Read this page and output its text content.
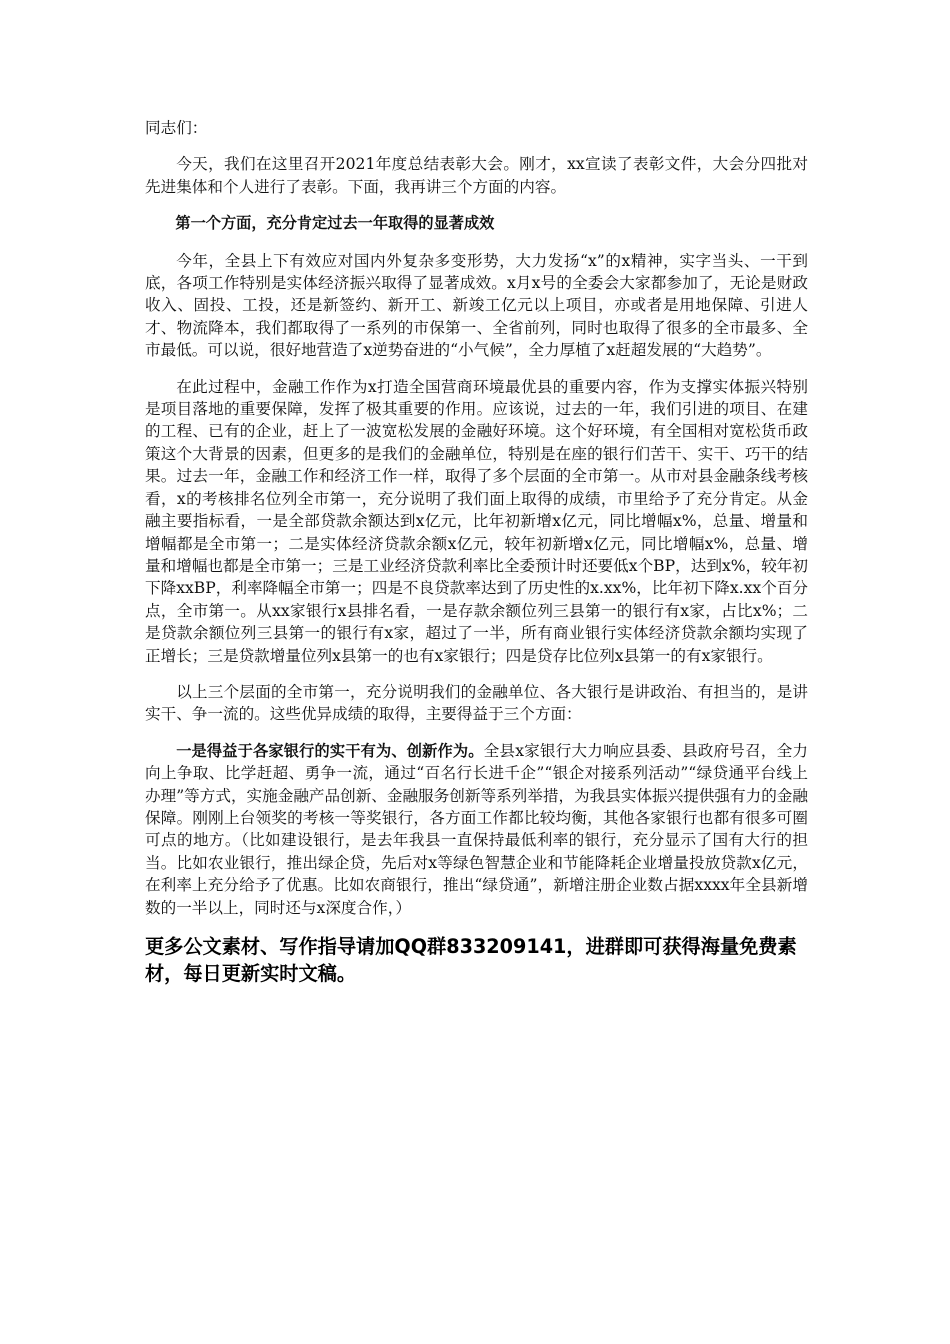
同志们：

今天，我们在这里召开2021年度总结表彰大会。刚才，xx宣读了表彰文件，大会分四批对先进集体和个人进行了表彰。下面，我再讲三个方面的内容。

第一个方面，充分肯定过去一年取得的显著成效

今年，全县上下有效应对国内外复杂多变形势，大力发扬“x”的x精神，实字当头、一干到底，各项工作特别是实体经济振兴取得了显著成效。x月x号的全委会大家都参加了，无论是财政收入、固投、工投，还是新签约、新开工、新竣工亿元以上项目，亦或者是用地保障、引进人才、物流降本，我们都取得了一系列的市保第一、全省前列，同时也取得了很多的全市最多、全市最低。可以说，很好地营造了x逆势奋进的“小气候”，全力厚植了x赶超发展的“大趋势”。

在此过程中，金融工作作为x打造全国营商环境最优县的重要内容，作为支撑实体振兴特别是项目落地的重要保障，发挥了极其重要的作用。应该说，过去的一年，我们引进的项目、在建的工程、已有的企业，赶上了一波宽松发展的金融好环境。这个好环境，有全国相对宽松货币政策这个大背景的因素，但更多的是我们的金融单位，特别是在座的银行们苦干、实干、巧干的结果。过去一年，金融工作和经济工作一样，取得了多个层面的全市第一。从市对县金融条线考核看，x的考核排名位列全市第一，充分说明了我们面上取得的成绩，市里给予了充分肯定。从金融主要指标看，一是全部贷款余额达到x亿元，比年初新增x亿元，同比增幅x%，总量、增量和增幅都是全市第一；二是实体经济贷款余额x亿元，较年初新增x亿元，同比增幅x%，总量、增量和增幅也都是全市第一；三是工业经济贷款利率比全委预计时还要低x个BP，达到x%，较年初下降xxBP，利率降幅全市第一；四是不良贷款率达到了历史性的x.xx%，比年初下降x.xx个百分点，全市第一。从xx家银行x县排名看，一是存款余额位列三县第一的银行有x家，占比x%；二是贷款余额位列三县第一的银行有x家，超过了一半，所有商业银行实体经济贷款余额均实现了正增长；三是贷款增量位列x县第一的也有x家银行；四是贷存比位列x县第一的有x家银行。

以上三个层面的全市第一，充分说明我们的金融单位、各大银行是讲政治、有担当的，是讲实干、争一流的。这些优异成绩的取得，主要得益于三个方面：

一是得益于各家银行的实干有为、创新作为。全县x家银行大力响应县委、县政府号召，全力向上争取、比学赶超、勇争一流，通过“百名行长进千企”“银企对接系列活动”“绿贷通平台线上办理”等方式，实施金融产品创新、金融服务创新等系列举措，为我县实体振兴提供强有力的金融保障。刚刚上台领奖的考核一等奖银行，各方面工作都比较均衡，其他各家银行也都有很多可圈可点的地方。（比如建设银行，是去年我县一直保持最低利率的银行，充分显示了国有大行的担当。比如农业银行，推出绿企贷，先后对x等绿色智慧企业和节能降耗企业增量投放贷款x亿元，在利率上充分给予了优惠。比如农商银行，推出“绿贷通”，新增注册企业数占据xxxx年全县新增数的一半以上，同时还与x深度合作，）

更多公文素材、写作指导请加QQ群833209141，进群即可获得海量免费素材，每日更新实时文稿。
